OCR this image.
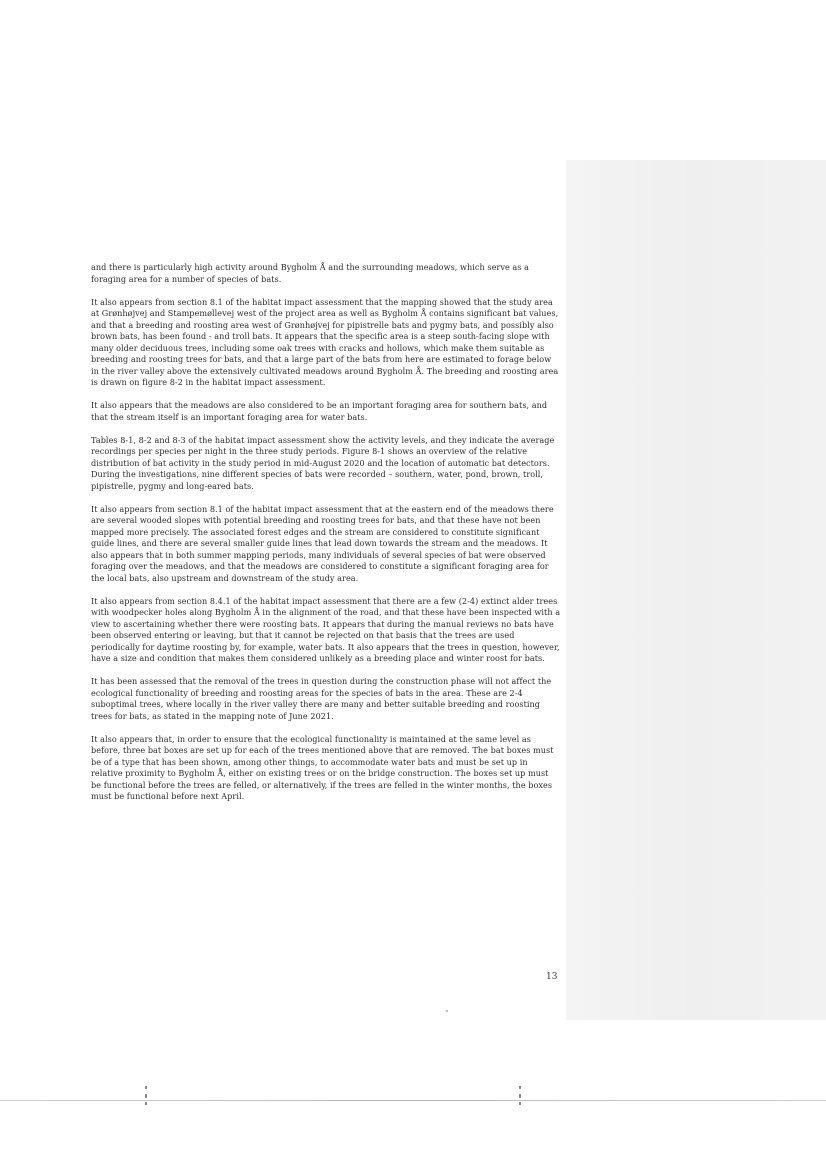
and there is particularly high activity around Bygholm Å and the surrounding meadows, which serve as a foraging area for a number of species of bats.

It also appears from section 8.1 of the habitat impact assessment that the mapping showed that the study area at Grønhøjvej and Stampemøllevej west of the project area as well as Bygholm Å contains significant bat values, and that a breeding and roosting area west of Grønhøjvej for pipistrelle bats and pygmy bats, and possibly also brown bats, has been found - and troll bats. It appears that the specific area is a steep south-facing slope with many older deciduous trees, including some oak trees with cracks and hollows, which make them suitable as breeding and roosting trees for bats, and that a large part of the bats from here are estimated to forage below in the river valley above the extensively cultivated meadows around Bygholm Å. The breeding and roosting area is drawn on figure 8-2 in the habitat impact assessment.

It also appears that the meadows are also considered to be an important foraging area for southern bats, and that the stream itself is an important foraging area for water bats.

Tables 8-1, 8-2 and 8-3 of the habitat impact assessment show the activity levels, and they indicate the average recordings per species per night in the three study periods. Figure 8-1 shows an overview of the relative distribution of bat activity in the study period in mid-August 2020 and the location of automatic bat detectors. During the investigations, nine different species of bats were recorded – southern, water, pond, brown, troll, pipistrelle, pygmy and long-eared bats.

It also appears from section 8.1 of the habitat impact assessment that at the eastern end of the meadows there are several wooded slopes with potential breeding and roosting trees for bats, and that these have not been mapped more precisely. The associated forest edges and the stream are considered to constitute significant guide lines, and there are several smaller guide lines that lead down towards the stream and the meadows. It also appears that in both summer mapping periods, many individuals of several species of bat were observed foraging over the meadows, and that the meadows are considered to constitute a significant foraging area for the local bats, also upstream and downstream of the study area.

It also appears from section 8.4.1 of the habitat impact assessment that there are a few (2-4) extinct alder trees with woodpecker holes along Bygholm Å in the alignment of the road, and that these have been inspected with a view to ascertaining whether there were roosting bats. It appears that during the manual reviews no bats have been observed entering or leaving, but that it cannot be rejected on that basis that the trees are used periodically for daytime roosting by, for example, water bats. It also appears that the trees in question, however, have a size and condition that makes them considered unlikely as a breeding place and winter roost for bats.

It has been assessed that the removal of the trees in question during the construction phase will not affect the ecological functionality of breeding and roosting areas for the species of bats in the area. These are 2-4 suboptimal trees, where locally in the river valley there are many and better suitable breeding and roosting trees for bats, as stated in the mapping note of June 2021.

It also appears that, in order to ensure that the ecological functionality is maintained at the same level as before, three bat boxes are set up for each of the trees mentioned above that are removed. The bat boxes must be of a type that has been shown, among other things, to accommodate water bats and must be set up in relative proximity to Bygholm Å, either on existing trees or on the bridge construction. The boxes set up must be functional before the trees are felled, or alternatively, if the trees are felled in the winter months, the boxes must be functional before next April.

13
